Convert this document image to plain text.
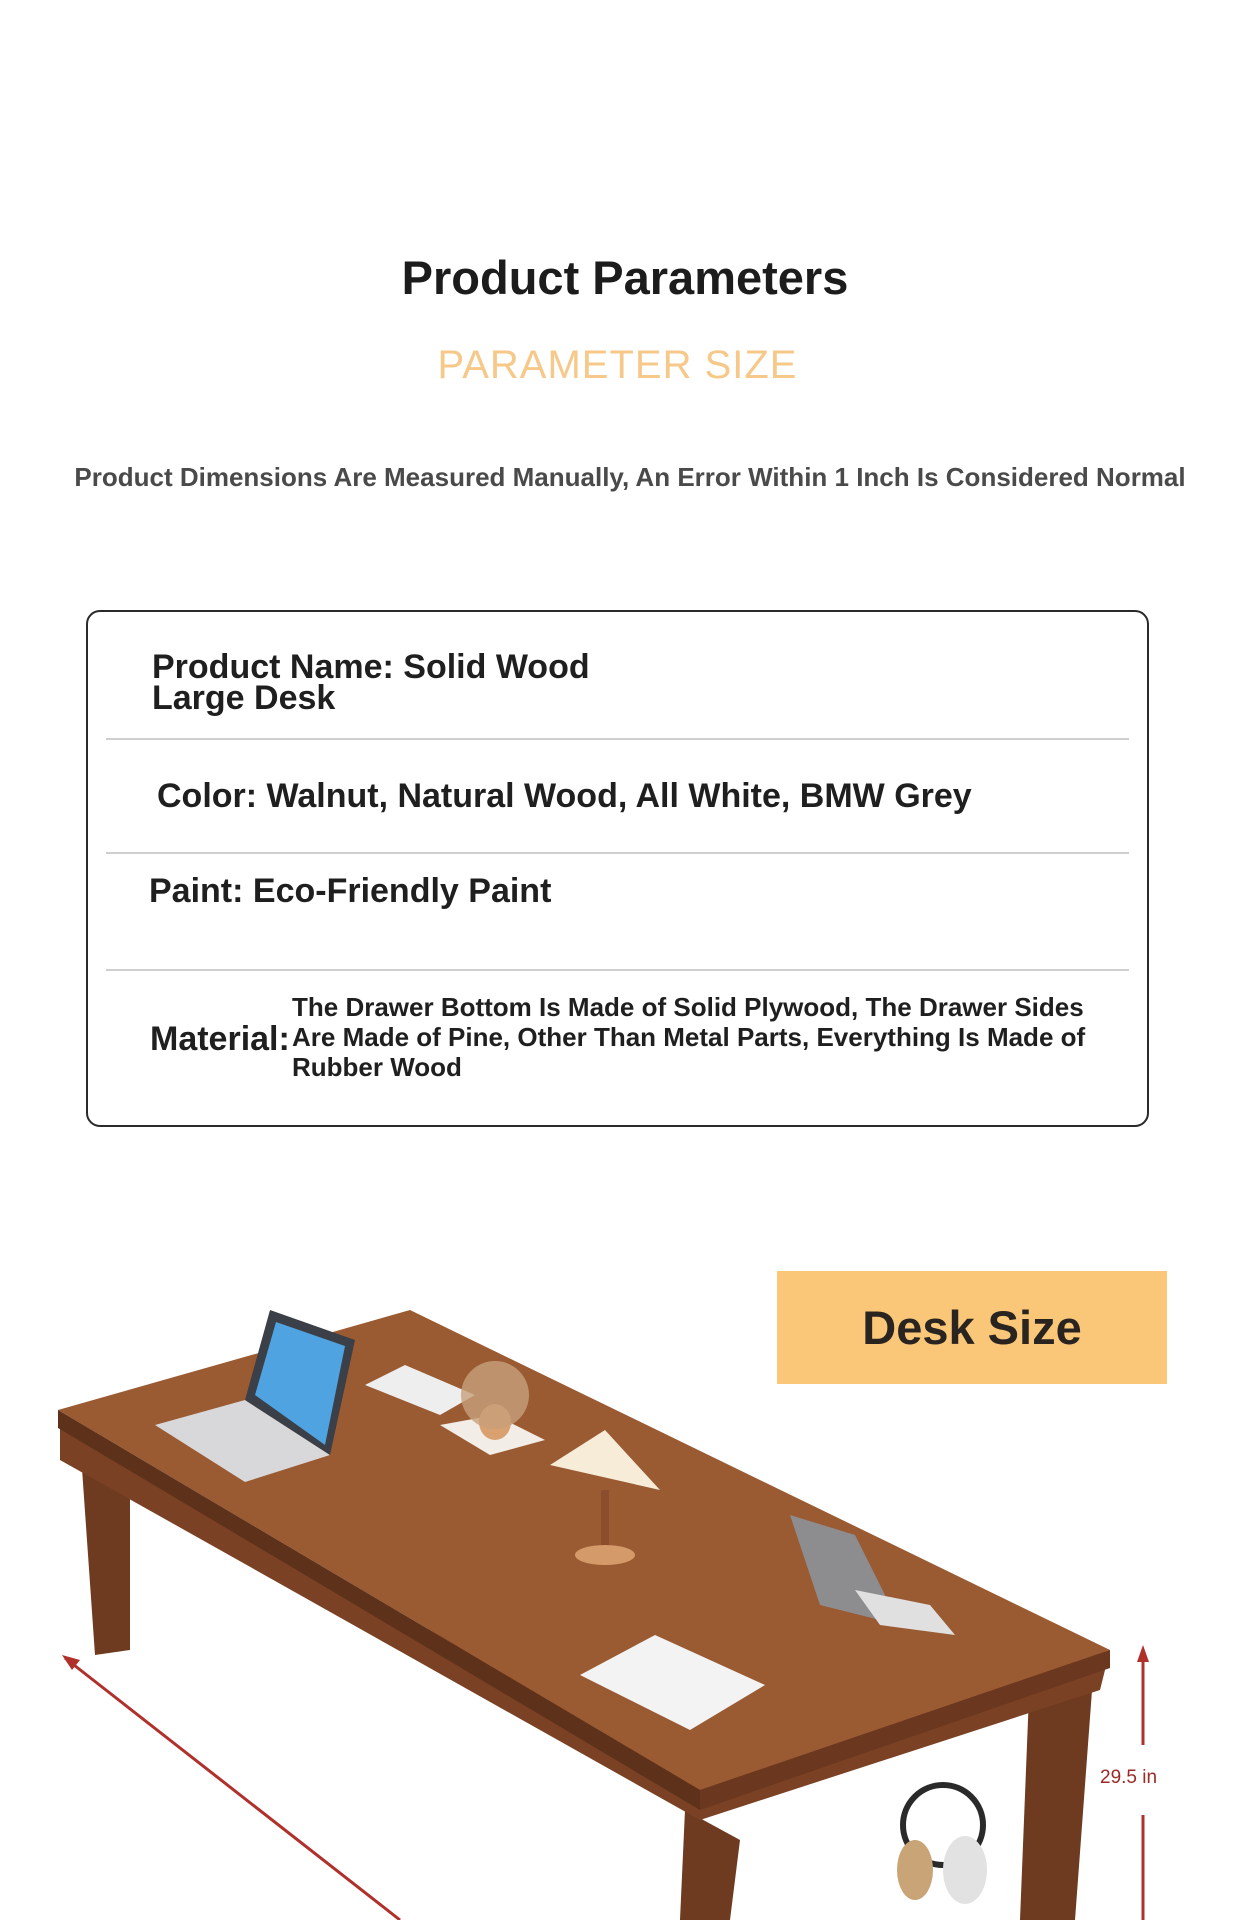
Product Parameters
PARAMETER SIZE
Product Dimensions Are Measured Manually, An Error Within 1 Inch Is Considered Normal
Product Name: Solid Wood Large Desk
Color: Walnut, Natural Wood, All White, BMW Grey
Paint: Eco-Friendly Paint
Material:
The Drawer Bottom Is Made of Solid Plywood, The Drawer Sides Are Made of Pine, Other Than Metal Parts, Everything Is Made of Rubber Wood
Desk Size
29.5 in
